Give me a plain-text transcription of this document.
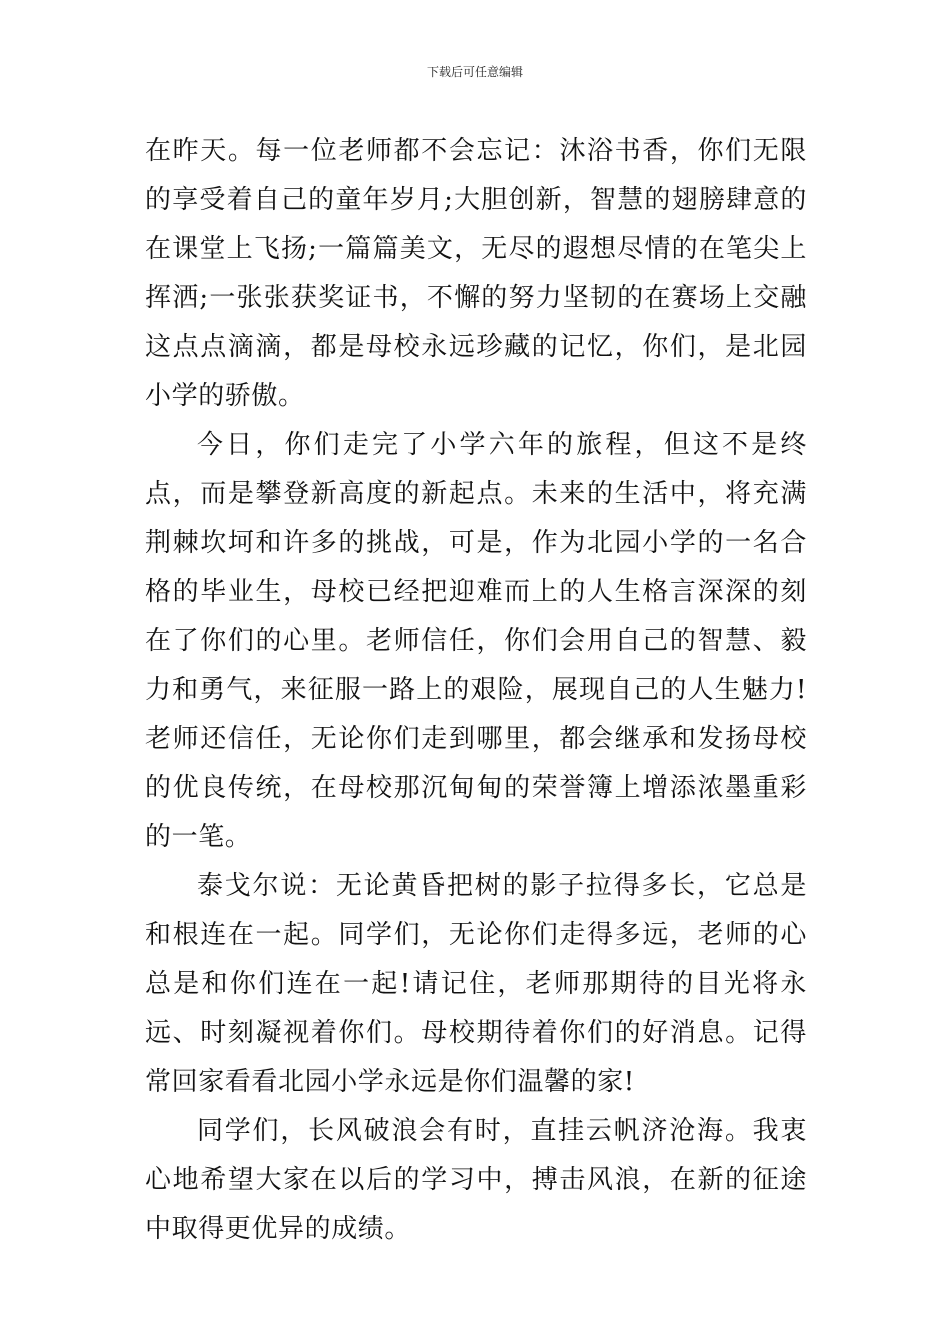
下载后可任意编辑

在昨天。每一位老师都不会忘记：沐浴书香，你们无限的享受着自己的童年岁月;大胆创新，智慧的翅膀肆意的在课堂上飞扬;一篇篇美文，无尽的遐想尽情的在笔尖上挥洒;一张张获奖证书，不懈的努力坚韧的在赛场上交融这点点滴滴，都是母校永远珍藏的记忆，你们，是北园小学的骄傲。

今日，你们走完了小学六年的旅程，但这不是终点，而是攀登新高度的新起点。未来的生活中，将充满荆棘坎坷和许多的挑战，可是，作为北园小学的一名合格的毕业生，母校已经把迎难而上的人生格言深深的刻在了你们的心里。老师信任，你们会用自己的智慧、毅力和勇气，来征服一路上的艰险，展现自己的人生魅力!老师还信任，无论你们走到哪里，都会继承和发扬母校的优良传统，在母校那沉甸甸的荣誉簿上增添浓墨重彩的一笔。

泰戈尔说：无论黄昏把树的影子拉得多长，它总是和根连在一起。同学们，无论你们走得多远，老师的心总是和你们连在一起!请记住，老师那期待的目光将永远、时刻凝视着你们。母校期待着你们的好消息。记得常回家看看北园小学永远是你们温馨的家!

同学们，长风破浪会有时，直挂云帆济沧海。我衷心地希望大家在以后的学习中，搏击风浪，在新的征途中取得更优异的成绩。
